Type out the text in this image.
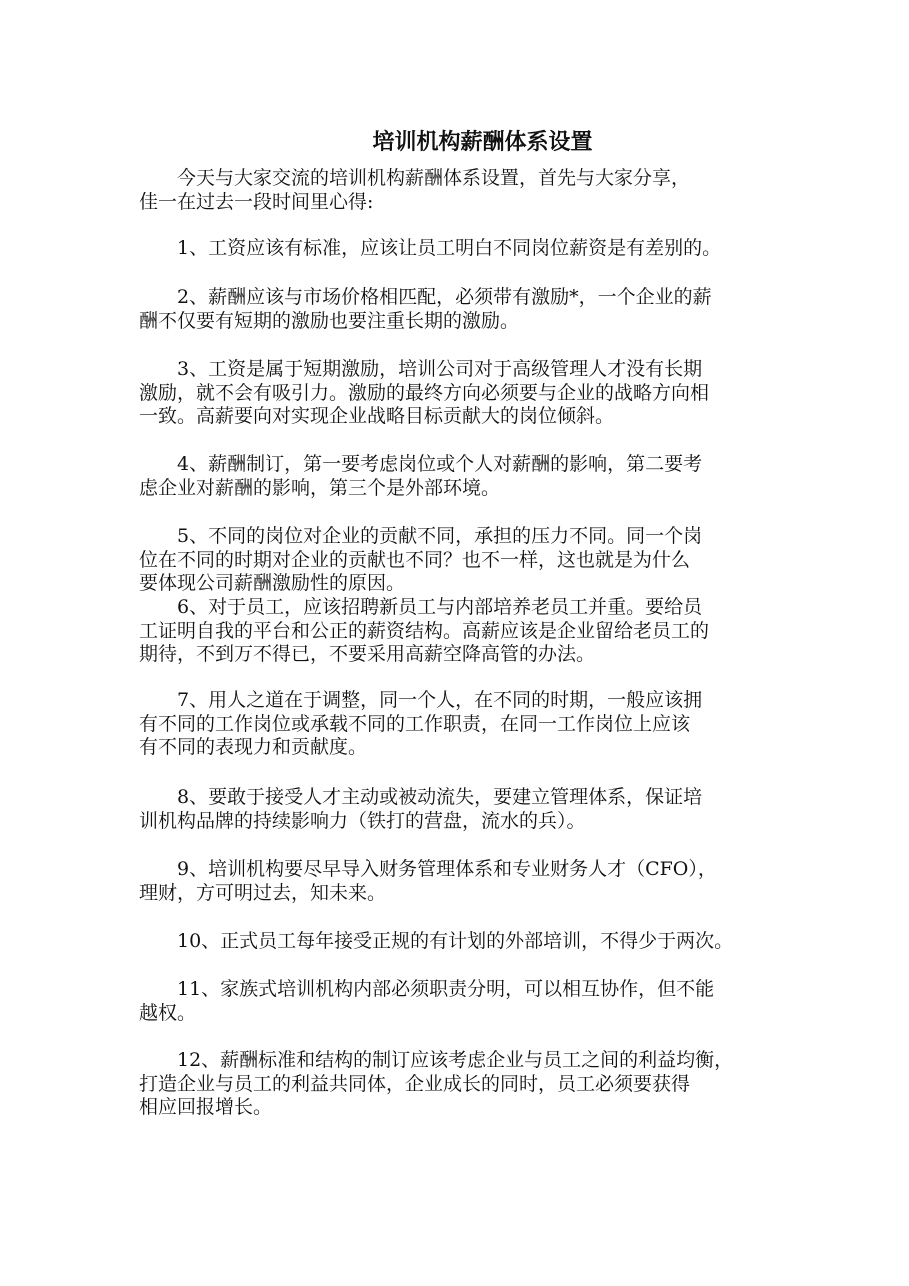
培训机构薪酬体系设置
　　今天与大家交流的培训机构薪酬体系设置，首先与大家分享，
佳一在过去一段时间里心得:
　　1、工资应该有标准，应该让员工明白不同岗位薪资是有差别的。
　　2、薪酬应该与市场价格相匹配，必须带有激励*，一个企业的薪
酬不仅要有短期的激励也要注重长期的激励。
　　3、工资是属于短期激励，培训公司对于高级管理人才没有长期
激励，就不会有吸引力。激励的最终方向必须要与企业的战略方向相
一致。高薪要向对实现企业战略目标贡献大的岗位倾斜。
　　4、薪酬制订，第一要考虑岗位或个人对薪酬的影响，第二要考
虑企业对薪酬的影响，第三个是外部环境。
　　5、不同的岗位对企业的贡献不同，承担的压力不同。同一个岗
位在不同的时期对企业的贡献也不同？也不一样，这也就是为什么
要体现公司薪酬激励性的原因。
　　6、对于员工，应该招聘新员工与内部培养老员工并重。要给员
工证明自我的平台和公正的薪资结构。高薪应该是企业留给老员工的
期待，不到万不得已，不要采用高薪空降高管的办法。
　　7、用人之道在于调整，同一个人，在不同的时期，一般应该拥
有不同的工作岗位或承载不同的工作职责，在同一工作岗位上应该
有不同的表现力和贡献度。
　　8、要敢于接受人才主动或被动流失，要建立管理体系，保证培
训机构品牌的持续影响力（铁打的营盘，流水的兵）。
　　9、培训机构要尽早导入财务管理体系和专业财务人才（CFO），
理财，方可明过去，知未来。
　　10、正式员工每年接受正规的有计划的外部培训，不得少于两次。
　　11、家族式培训机构内部必须职责分明，可以相互协作，但不能
越权。
　　12、薪酬标准和结构的制订应该考虑企业与员工之间的利益均衡，
打造企业与员工的利益共同体，企业成长的同时，员工必须要获得
相应回报增长。
